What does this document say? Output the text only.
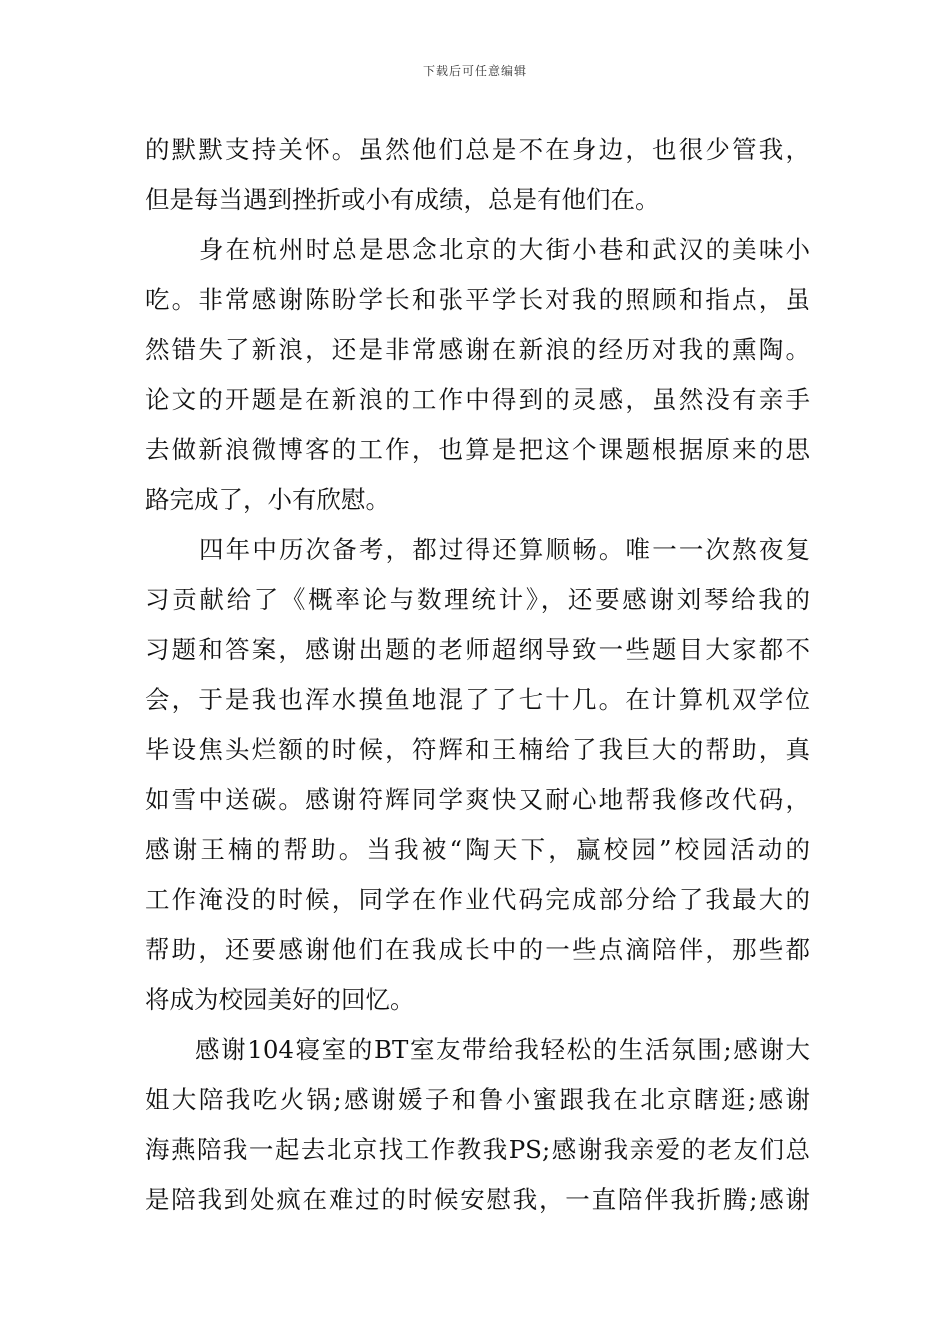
下载后可任意编辑
的默默支持关怀。虽然他们总是不在身边，也很少管我，
但是每当遇到挫折或小有成绩，总是有他们在。
身在杭州时总是思念北京的大街小巷和武汉的美味小
吃。非常感谢陈盼学长和张平学长对我的照顾和指点，虽
然错失了新浪，还是非常感谢在新浪的经历对我的熏陶。
论文的开题是在新浪的工作中得到的灵感，虽然没有亲手
去做新浪微博客的工作，也算是把这个课题根据原来的思
路完成了，小有欣慰。
四年中历次备考，都过得还算顺畅。唯一一次熬夜复
习贡献给了《概率论与数理统计》，还要感谢刘琴给我的
习题和答案，感谢出题的老师超纲导致一些题目大家都不
会，于是我也浑水摸鱼地混了了七十几。在计算机双学位
毕设焦头烂额的时候，符辉和王楠给了我巨大的帮助，真
如雪中送碳。感谢符辉同学爽快又耐心地帮我修改代码，
感谢王楠的帮助。当我被“陶天下，赢校园”校园活动的
工作淹没的时候，同学在作业代码完成部分给了我最大的
帮助，还要感谢他们在我成长中的一些点滴陪伴，那些都
将成为校园美好的回忆。
感谢104寝室的BT室友带给我轻松的生活氛围;感谢大
姐大陪我吃火锅;感谢媛子和鲁小蜜跟我在北京瞎逛;感谢
海燕陪我一起去北京找工作教我PS;感谢我亲爱的老友们总
是陪我到处疯在难过的时候安慰我，一直陪伴我折腾;感谢
